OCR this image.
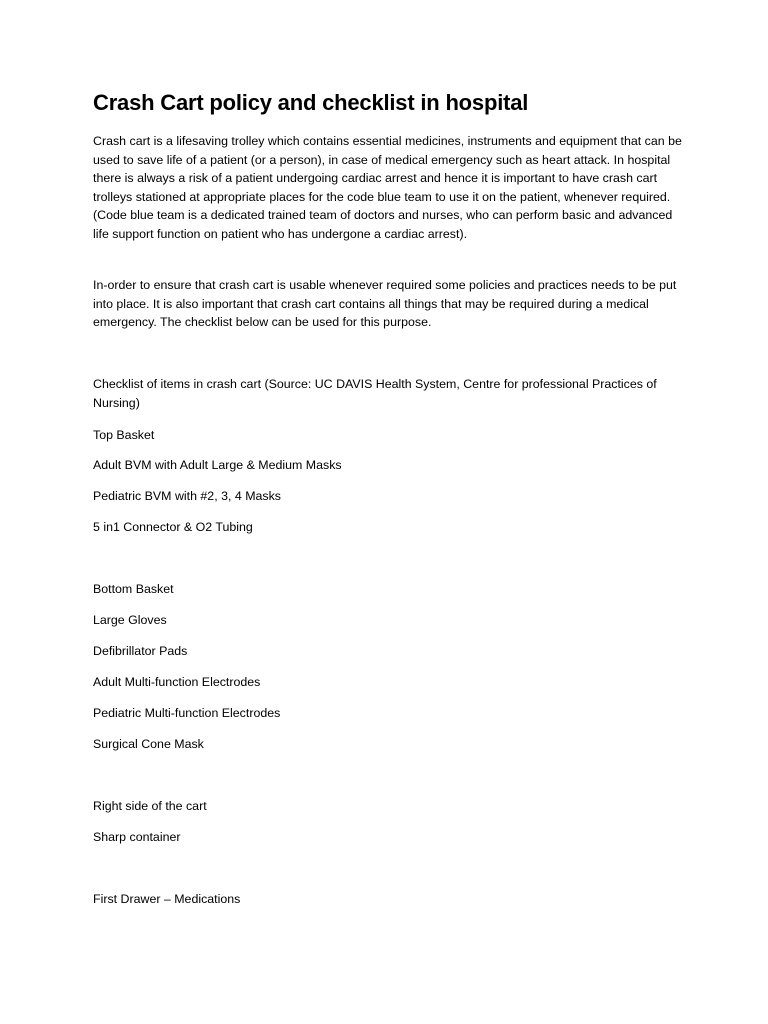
Crash Cart policy and checklist in hospital

Crash cart is a lifesaving trolley which contains essential medicines, instruments and equipment that can be used to save life of a patient (or a person), in case of medical emergency such as heart attack. In hospital there is always a risk of a patient undergoing cardiac arrest and hence it is important to have crash cart trolleys stationed at appropriate places for the code blue team to use it on the patient, whenever required. (Code blue team is a dedicated trained team of doctors and nurses, who can perform basic and advanced life support function on patient who has undergone a cardiac arrest).

In-order to ensure that crash cart is usable whenever required some policies and practices needs to be put into place. It is also important that crash cart contains all things that may be required during a medical emergency. The checklist below can be used for this purpose.

Checklist of items in crash cart (Source: UC DAVIS Health System, Centre for professional Practices of Nursing)

Top Basket

Adult BVM with Adult Large & Medium Masks

Pediatric BVM with #2, 3, 4 Masks

5 in1 Connector & O2 Tubing

Bottom Basket

Large Gloves

Defibrillator Pads

Adult Multi-function Electrodes

Pediatric Multi-function Electrodes

Surgical Cone Mask

Right side of the cart

Sharp container

First Drawer – Medications
